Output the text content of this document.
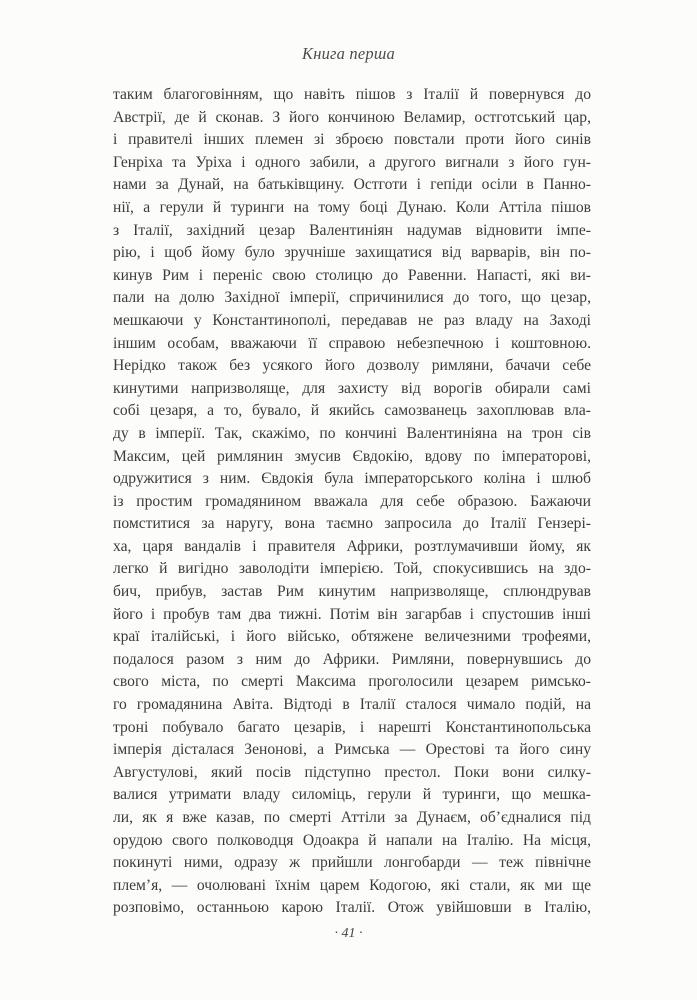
Книга перша
таким благоговінням, що навіть пішов з Італії й повернувся до
Австрії, де й сконав. З його кончиною Веламир, остготський цар,
і правителі інших племен зі зброєю повстали проти його синів
Генріха та Уріха і одного забили, а другого вигнали з його гун-
нами за Дунай, на батьківщину. Остготи і гепіди осіли в Панно-
нії, а герули й туринги на тому боці Дунаю. Коли Аттіла пішов
з Італії, західний цезар Валентиніян надумав відновити імпе-
рію, і щоб йому було зручніше захищатися від варварів, він по-
кинув Рим і переніс свою столицю до Равенни. Напасті, які ви-
пали на долю Західної імперії, спричинилися до того, що цезар,
мешкаючи у Константинополі, передавав не раз владу на Заході
іншим особам, вважаючи її справою небезпечною і коштовною.
Нерідко також без усякого його дозволу римляни, бачачи себе
кинутими напризволяще, для захисту від ворогів обирали самі
собі цезаря, а то, бувало, й якийсь самозванець захоплював вла-
ду в імперії. Так, скажімо, по кончині Валентиніяна на трон сів
Максим, цей римлянин змусив Євдокію, вдову по імператорові,
одружитися з ним. Євдокія була імператорського коліна і шлюб
із простим громадянином вважала для себе образою. Бажаючи
помститися за наругу, вона таємно запросила до Італії Гензері-
ха, царя вандалів і правителя Африки, розтлумачивши йому, як
легко й вигідно заволодіти імперією. Той, спокусившись на здо-
бич, прибув, застав Рим кинутим напризволяще, сплюндрував
його і пробув там два тижні. Потім він загарбав і спустошив інші
краї італійські, і його військо, обтяжене величезними трофеями,
подалося разом з ним до Африки. Римляни, повернувшись до
свого міста, по смерті Максима проголосили цезарем римсько-
го громадянина Авіта. Відтоді в Італії сталося чимало подій, на
троні побувало багато цезарів, і нарешті Константинопольська
імперія дісталася Зенонові, а Римська — Орестові та його сину
Августулові, який посів підступно престол. Поки вони силку-
валися утримати владу силоміць, герули й туринги, що мешка-
ли, як я вже казав, по смерті Аттіли за Дунаєм, об’єдналися під
орудою свого полководця Одоакра й напали на Італію. На місця,
покинуті ними, одразу ж прийшли лонгобарди — теж північне
плем’я, — очолювані їхнім царем Кодогою, які стали, як ми ще
розповімо, останньою карою Італії. Отож увійшовши в Італію,
· 41 ·
